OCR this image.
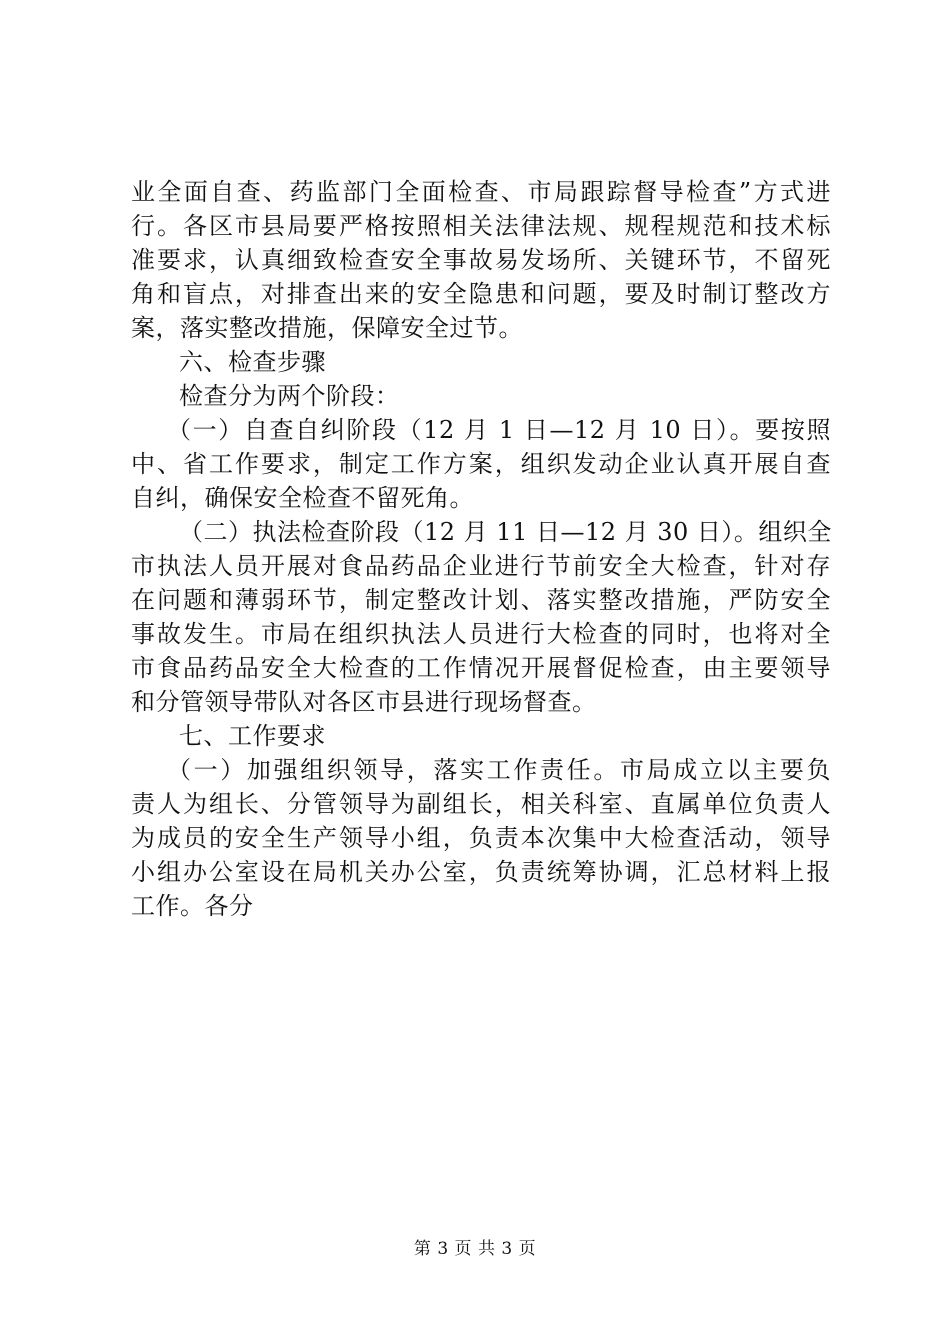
业全面自查、药监部门全面检查、市局跟踪督导检查”方式进
行。各区市县局要严格按照相关法律法规、规程规范和技术标
准要求，认真细致检查安全事故易发场所、关键环节，不留死
角和盲点，对排查出来的安全隐患和问题，要及时制订整改方
案，落实整改措施，保障安全过节。
六、检查步骤
检查分为两个阶段：
（一）自查自纠阶段（12 月 1 日—12 月 10 日）。要按照
中、省工作要求，制定工作方案，组织发动企业认真开展自查
自纠，确保安全检查不留死角。
（二）执法检查阶段（12 月 11 日—12 月 30 日）。组织全
市执法人员开展对食品药品企业进行节前安全大检查，针对存
在问题和薄弱环节，制定整改计划、落实整改措施，严防安全
事故发生。市局在组织执法人员进行大检查的同时，也将对全
市食品药品安全大检查的工作情况开展督促检查，由主要领导
和分管领导带队对各区市县进行现场督查。
七、工作要求
（一）加强组织领导，落实工作责任。市局成立以主要负
责人为组长、分管领导为副组长，相关科室、直属单位负责人
为成员的安全生产领导小组，负责本次集中大检查活动，领导
小组办公室设在局机关办公室，负责统筹协调，汇总材料上报
工作。各分
第 3 页 共 3 页
